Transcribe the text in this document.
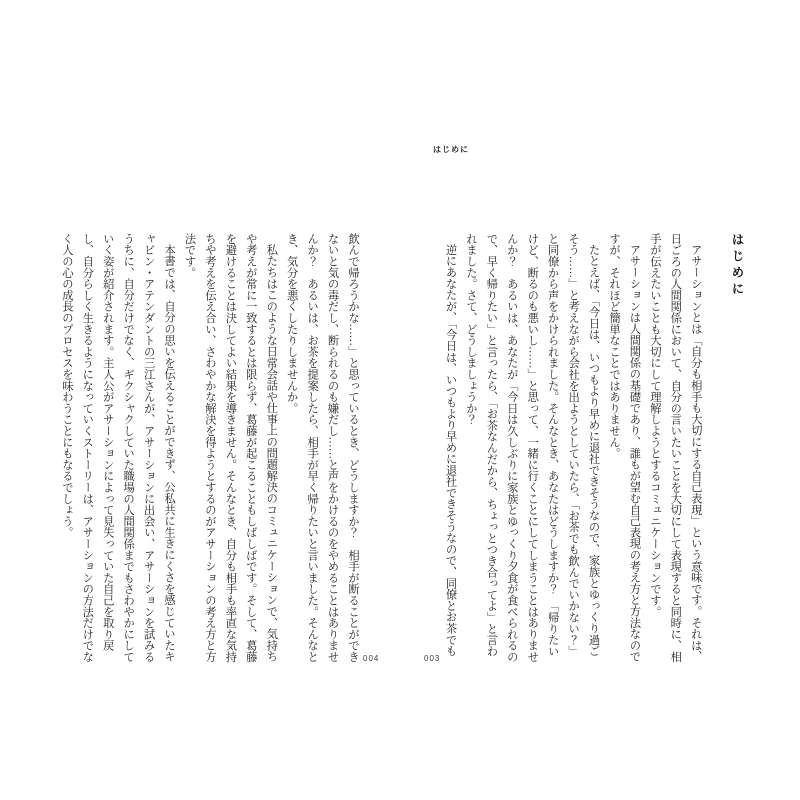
はじめに
はじめに

アサーションとは「自分も相手も大切にする自己表現」という意味です。それは、日ごろの人間関係において、自分の言いたいことを大切にして表現すると同時に、相手が伝えたいことも大切にして理解しようとするコミュニケーションです。

アサーションは人間関係の基礎であり、誰もが望む自己表現の考え方と方法なのですが、それほど簡単なことではありません。

たとえば、「今日は、いつもより早めに退社できそうなので、家族とゆっくり過ごそう……」と考えながら会社を出ようとしていたら、「お茶でも飲んでいかない？」と同僚から声をかけられました。そんなとき、あなたはどうしますか？　「帰りたいけど、断るのも悪いし……」と思って、一緒に行くことにしてしまうことはありませんか？　あるいは、あなたが「今日は久しぶりに家族とゆっくり夕食が食べられるので、早く帰りたい」と言ったら、「お茶なんだから、ちょっとつき合ってよ」と言われました。さて、どうしましょうか？

逆にあなたが、「今日は、いつもより早めに退社できそうなので、同僚とお茶でも

飲んで帰ろうかな……」と思っているとき、どうしますか？　相手が断ることができないと気の毒だし、断られるのも嫌だし……と声をかけるのをやめることはありませんか？　あるいは、お茶を提案したら、相手が早く帰りたいと言いました。そんなとき、気分を悪くしたりしませんか。

私たちはこのような日常会話や仕事上の問題解決のコミュニケーションで、気持ちや考えが常に一致するとは限らず、葛藤が起こることもしばしばです。そして、葛藤を避けることは決してよい結果を導きません。そんなとき、自分も相手も率直な気持ちや考えを伝え合い、さわやかな解決を得ようとするのがアサーションの考え方と方法です。

本書では、自分の思いを伝えることができず、公私共に生きにくさを感じていたキャビン・アテンダントの三江さんが、アサーションに出会い、アサーションを試みるうちに、自分だけでなく、ギクシャクしていた職場の人間関係までもさわやかにしていく姿が紹介されます。主人公がアサーションによって見失っていた自己を取り戻し、自分らしく生きるようになっていくストーリーは、アサーションの方法だけでなく人の心の成長のプロセスを味わうことにもなるでしょう。

004	003
